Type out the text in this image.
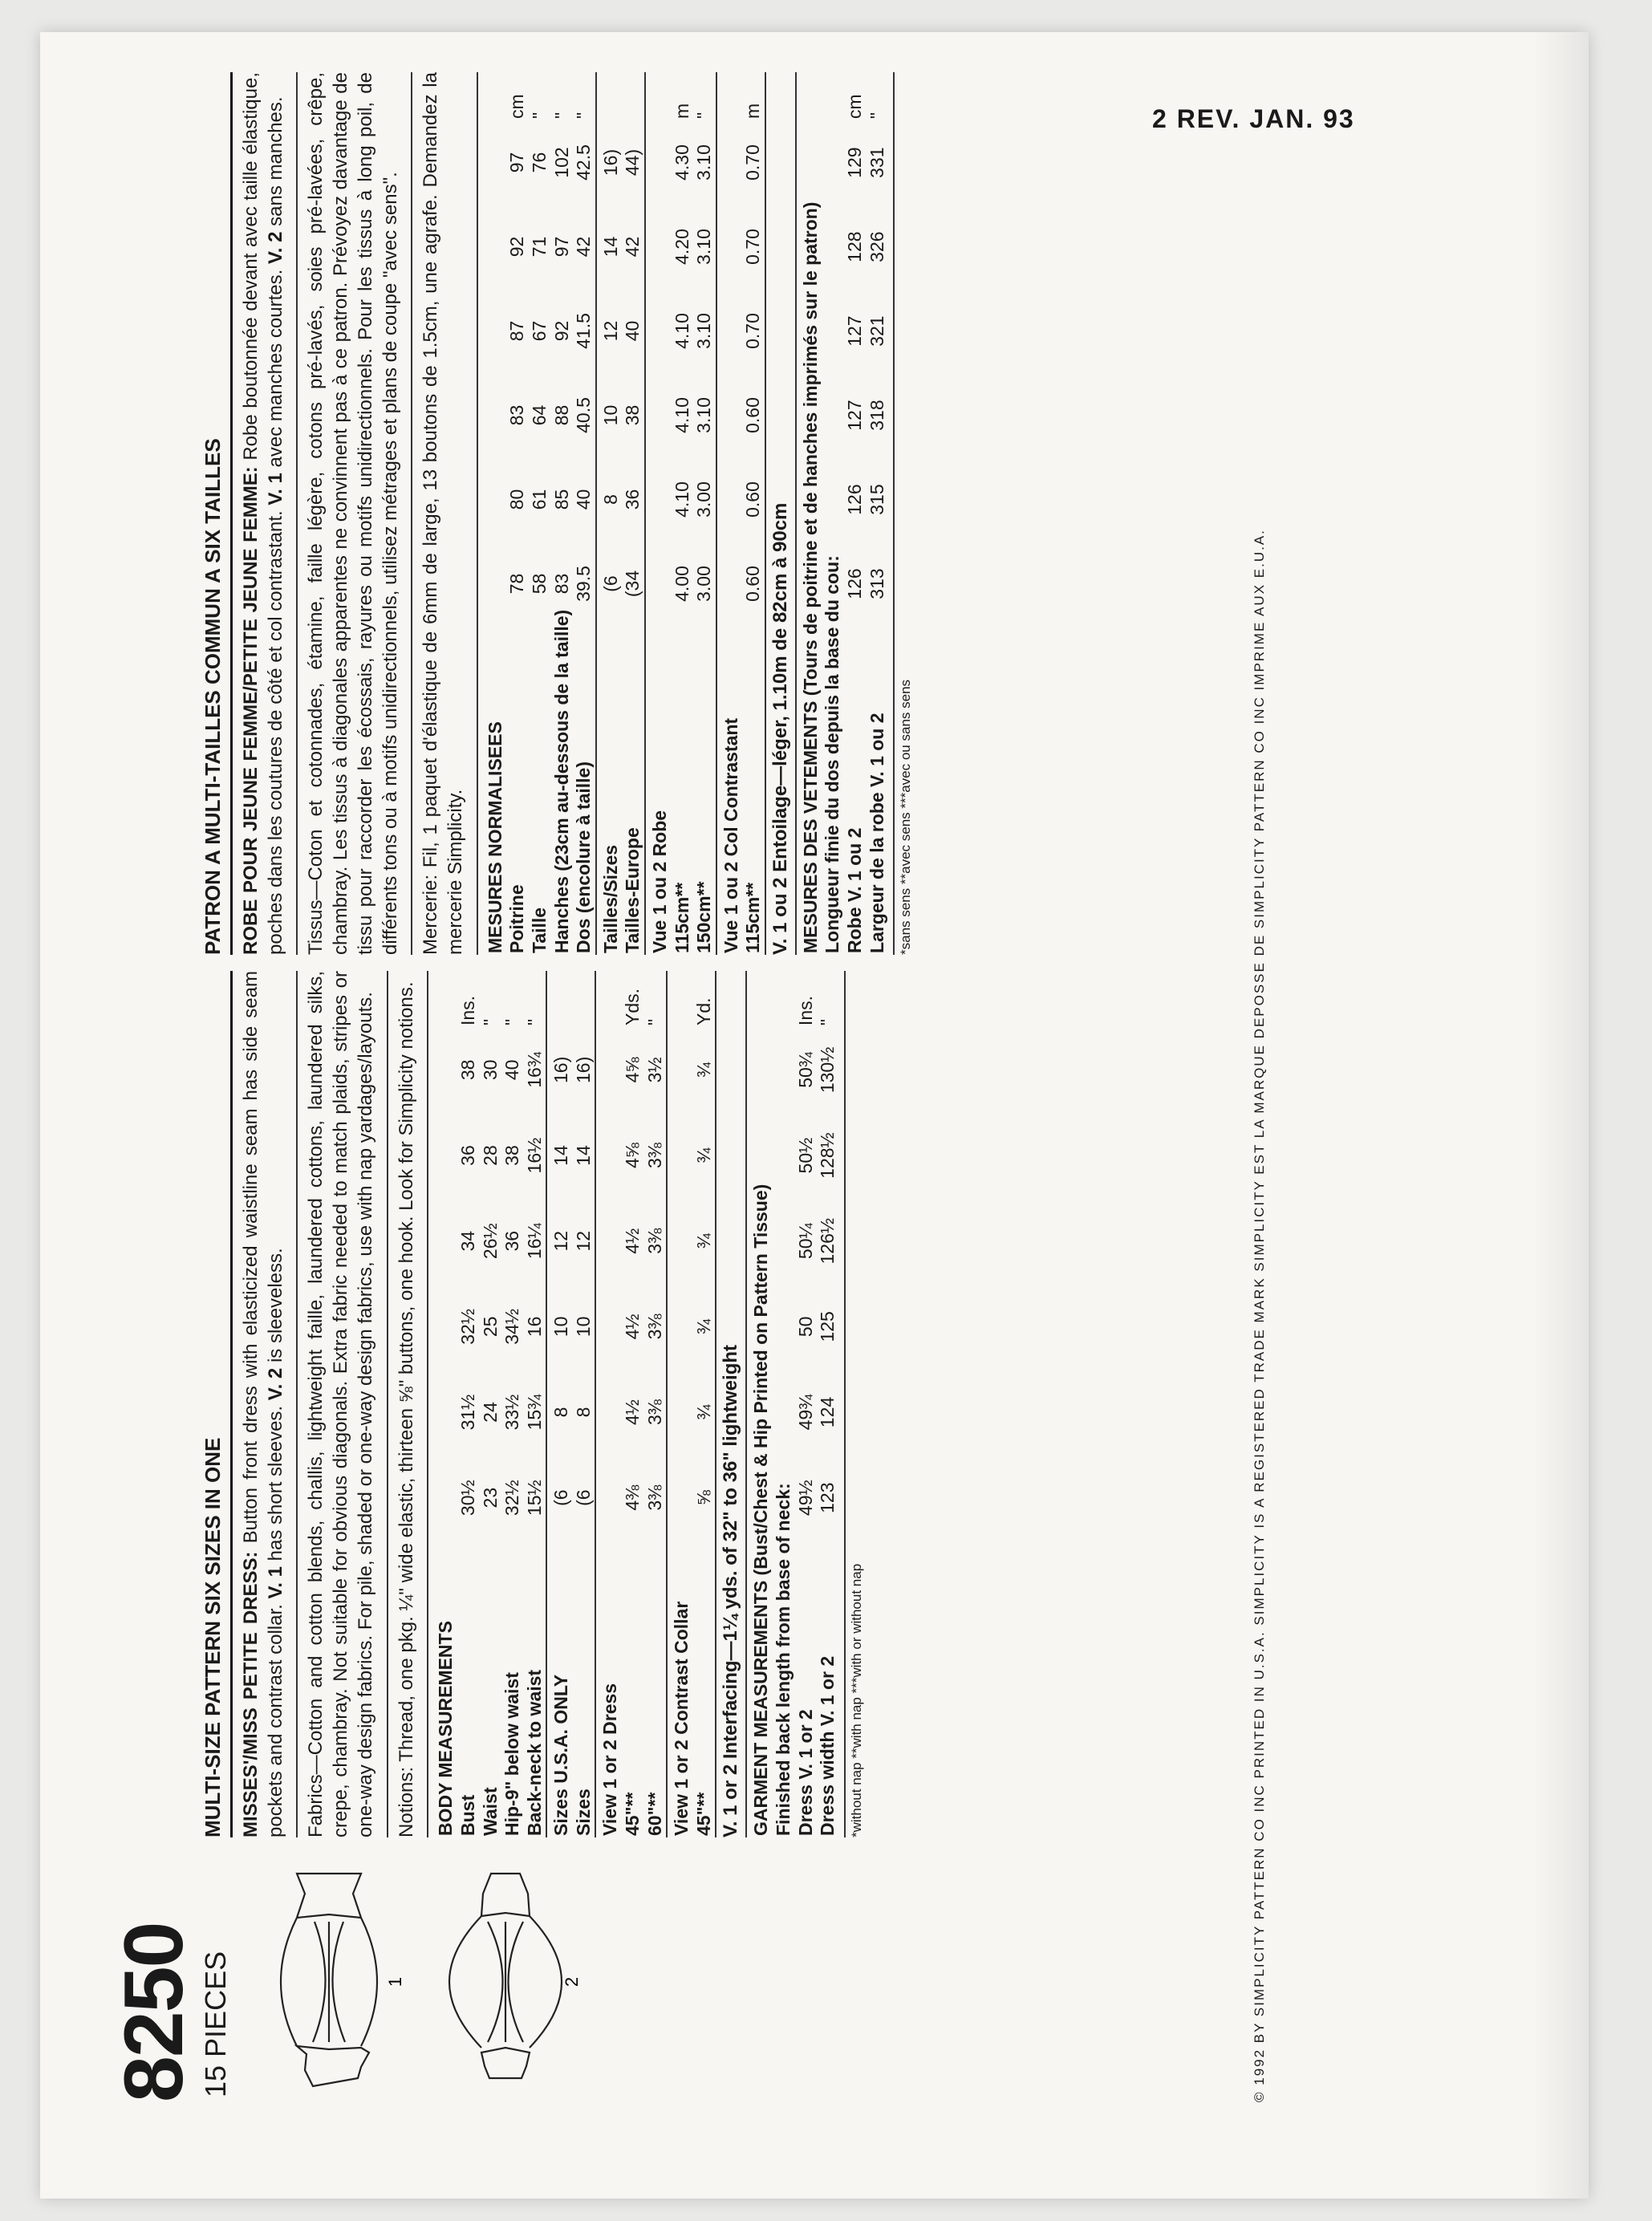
2 REV. JAN. 93
8250
15 PIECES	1	2
MULTI-SIZE PATTERN SIX SIZES IN ONE MISSES'/MISS PETITE DRESS: Button front dress with elasticized waistline seam has side seam pockets and contrast collar. V. 1 has short sleeves. V. 2 is sleeveless. Fabrics—Cotton and cotton blends, challis, lightweight faille, laundered cottons, laundered silks, crepe, chambray. Not suitable for obvious diagonals. Extra fabric needed to match plaids, stripes or one-way design fabrics. For pile, shaded or one-way design fabrics, use with nap yardages/layouts. Notions: Thread, one pkg. ¼" wide elastic, thirteen ⅝" buttons, one hook. Look for Simplicity notions. BODY MEASUREMENTS							
Bust	30½	31½	32½	34	36	38	Ins.
Waist	23	24	25	26½	28	30	"
Hip-9" below waist	32½	33½	34½	36	38	40	"
Back-neck to waist	15½	15¾	16	16¼	16½	16¾	"
Sizes U.S.A. ONLY	(6	8	10	12	14	16)	
Sizes	(6	8	10	12	14	16)	
View 1 or 2 Dress							
45"**	4⅜	4½	4½	4½	4⅝	4⅝	Yds.
60"**	3⅜	3⅜	3⅜	3⅜	3⅜	3½	"
View 1 or 2 Contrast Collar							
45"**	⅝	¾	¾	¾	¾	¾	Yd.
V. 1 or 2 Interfacing—1¼ yds. of 32" to 36" lightweight GARMENT MEASUREMENTS (Bust/Chest & Hip Printed on Pattern Tissue)							
Finished back length from base of neck:							
Dress V. 1 or 2	49½	49¾	50	50¼	50½	50¾	Ins.
Dress width V. 1 or 2	123	124	125	126½	128½	130½	"
*without nap **with nap ***with or without nap
PATRON A MULTI-TAILLES COMMUN A SIX TAILLES ROBE POUR JEUNE FEMME/PETITE JEUNE FEMME: Robe boutonnée devant avec taille élastique, poches dans les coutures de côté et col contrastant. V. 1 avec manches courtes. V. 2 sans manches. Tissus—Coton et cotonnades, étamine, faille légère, cotons pré-lavés, soies pré-lavées, crêpe, chambray. Les tissus à diagonales apparentes ne convinnent pas à ce patron. Prévoyez davantage de tissu pour raccorder les écossais, rayures ou motifs unidirectionnels. Pour les tissus à long poil, de différents tons ou à motifs unidirectionnels, utilisez métrages et plans de coupe "avec sens". Mercerie: Fil, 1 paquet d'élastique de 6mm de large, 13 boutons de 1.5cm, une agrafe. Demandez la mercerie Simplicity. MESURES NORMALISEES							
Poitrine	78	80	83	87	92	97	cm
Taille	58	61	64	67	71	76	"
Hanches (23cm au-dessous de la taille)	83	85	88	92	97	102	"
Dos (encolure à taille)	39.5	40	40.5	41.5	42	42.5	"
Tailles/Sizes	(6	8	10	12	14	16)	
Tailles-Europe	(34	36	38	40	42	44)	
Vue 1 ou 2 Robe							
115cm**	4.00	4.10	4.10	4.10	4.20	4.30	m
150cm**	3.00	3.00	3.10	3.10	3.10	3.10	"
Vue 1 ou 2 Col Contrastant							
115cm**	0.60	0.60	0.60	0.70	0.70	0.70	m
V. 1 ou 2 Entoilage—léger, 1.10m de 82cm à 90cm MESURES DES VETEMENTS (Tours de poitrine et de hanches imprimés sur le patron)							
Longueur finie du dos depuis la base du cou:							
Robe V. 1 ou 2	126	126	127	127	128	129	cm
Largeur de la robe V. 1 ou 2	313	315	318	321	326	331	"
*sans sens **avec sens ***avec ou sans sens	© 1992 BY SIMPLICITY PATTERN CO INC PRINTED IN U.S.A. SIMPLICITY IS A REGISTERED TRADE MARK SIMPLICITY EST LA MARQUE DEPOSSE DE SIMPLICITY PATTERN CO INC IMPRIME AUX E.U.A.
